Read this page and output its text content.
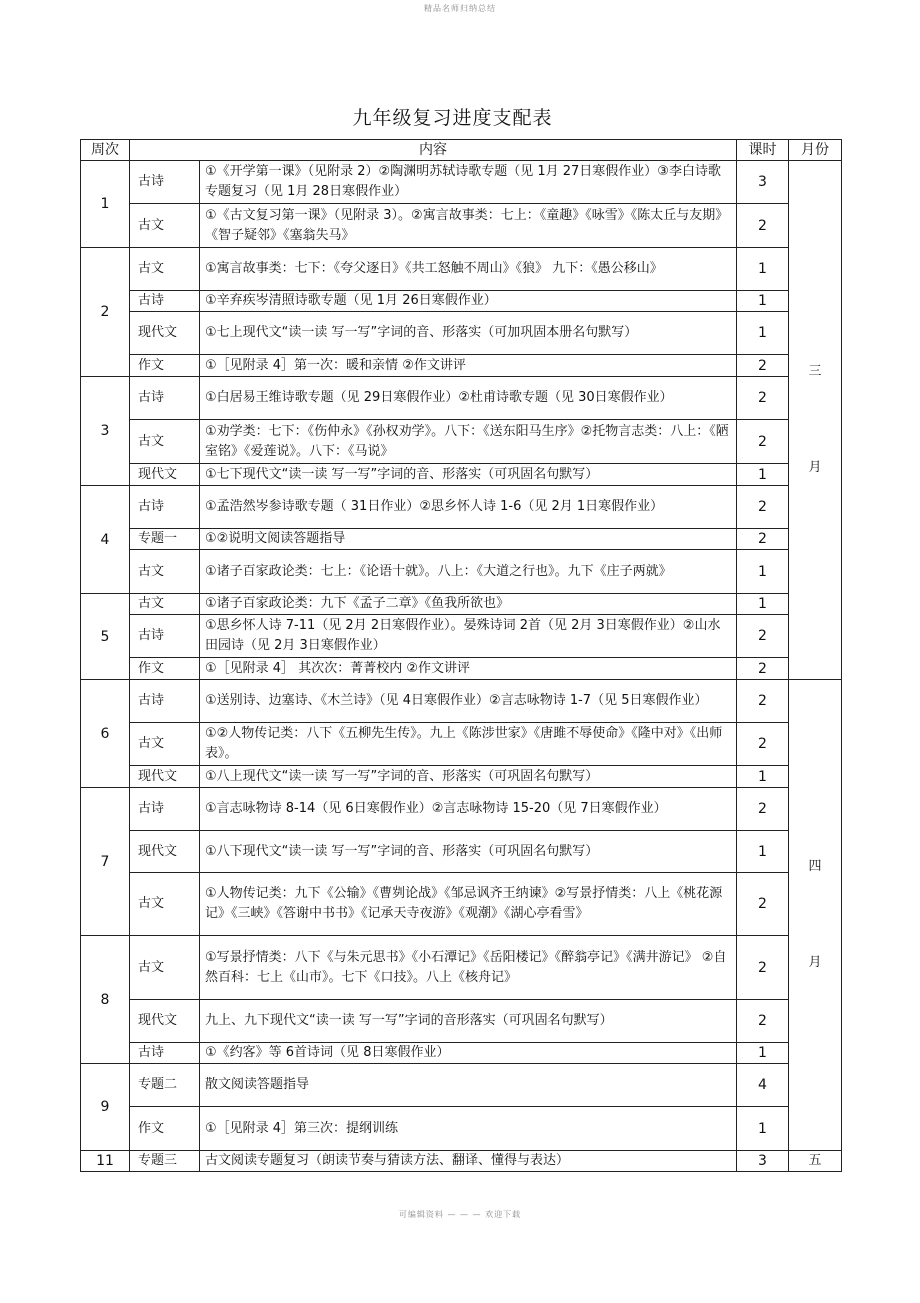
精品名师归纳总结
九年级复习进度支配表
周次	内容		课时	月份
1	古诗	①《开学第一课》（见附录 2）②陶渊明苏轼诗歌专题（见 1月 27日寒假作业）③李白诗歌专题复习（见 1月 28日寒假作业）	3	三
月

	古文	①《古文复习第一课》（见附录 3）。②寓言故事类：七上：《童趣》《咏雪》《陈太丘与友期》《智子疑邻》《塞翁失马》	2	
2	古文	①寓言故事类：七下：《夸父逐日》《共工怒触不周山》《狼》 九下：《愚公移山》	1	
	古诗	①辛弃疾岑清照诗歌专题（见 1月 26日寒假作业）	1	
	现代文	①七上现代文“读一读 写一写”字词的音、形落实（可加巩固本册名句默写）	1	
	作文	①［见附录 4］第一次：暖和亲情 ②作文讲评	2	
3	古诗	①白居易王维诗歌专题（见 29日寒假作业）②杜甫诗歌专题（见 30日寒假作业）	2	
	古文	①劝学类：七下：《伤仲永》《孙权劝学》。八下：《送东阳马生序》②托物言志类：八上：《陋室铭》《爱莲说》。八下：《马说》	2	
	现代文	①七下现代文“读一读 写一写”字词的音、形落实（可巩固名句默写）	1	
4	古诗	①孟浩然岑参诗歌专题（ 31日作业）②思乡怀人诗 1-6（见 2月 1日寒假作业）	2	
	专题一	①②说明文阅读答题指导	2	
	古文	①诸子百家政论类：七上：《论语十就》。八上：《大道之行也》。九下《庄子两就》	1	
5	古文	①诸子百家政论类：九下《孟子二章》《鱼我所欲也》	1	
	古诗	①思乡怀人诗 7-11（见 2月 2日寒假作业）。晏殊诗词 2首（见 2月 3日寒假作业）②山水田园诗（见 2月 3日寒假作业）	2	
	作文	①［见附录 4］ 其次次：菁菁校内 ②作文讲评	2	
6	古诗	①送别诗、边塞诗、《木兰诗》（见 4日寒假作业）②言志咏物诗 1-7（见 5日寒假作业）	2	四
月

	古文	①②人物传记类：八下《五柳先生传》。九上《陈涉世家》《唐雎不辱使命》《隆中对》《出师表》。	2	
	现代文	①八上现代文“读一读 写一写”字词的音、形落实（可巩固名句默写）	1	
7	古诗	①言志咏物诗 8-14（见 6日寒假作业）②言志咏物诗 15-20（见 7日寒假作业）	2	
	现代文	①八下现代文“读一读 写一写”字词的音、形落实（可巩固名句默写）	1	
	古文	①人物传记类：九下《公输》《曹刿论战》《邹忌讽齐王纳谏》②写景抒情类：八上《桃花源记》《三峡》《答谢中书书》《记承天寺夜游》《观潮》《湖心亭看雪》	2	
8	古文	①写景抒情类：八下《与朱元思书》《小石潭记》《岳阳楼记》《醉翁亭记》《满井游记》 ②自然百科：七上《山市》。七下《口技》。八上《核舟记》	2	
	现代文	九上、九下现代文“读一读 写一写”字词的音形落实（可巩固名句默写）	2	
	古诗	①《约客》等 6首诗词（见 8日寒假作业）	1	
9	专题二	散文阅读答题指导	4	
	作文	①［见附录 4］第三次：提纲训练	1	
11	专题三	古文阅读专题复习（朗读节奏与猜读方法、翻译、懂得与表达）	3	五
可编辑资料 — — — 欢迎下载
